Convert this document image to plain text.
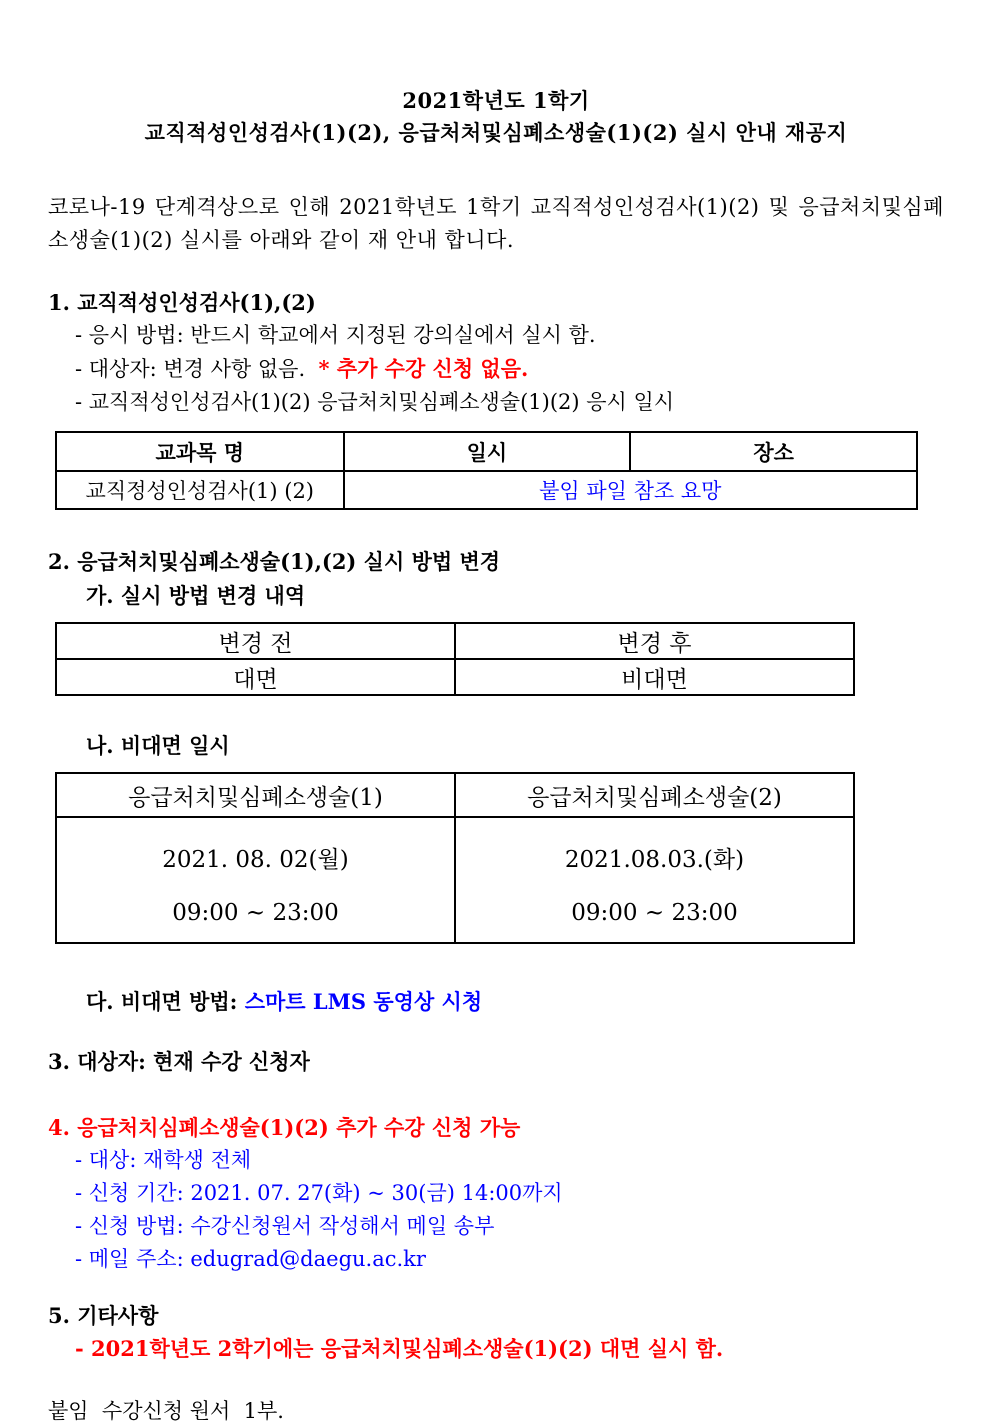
2021학년도 1학기
교직적성인성검사(1)(2), 응급처처및심폐소생술(1)(2) 실시 안내 재공지

코로나-19 단계격상으로 인해 2021학년도 1학기 교직적성인성검사(1)(2) 및 응급처치및심폐소생술(1)(2) 실시를 아래와 같이 재 안내 합니다.

1. 교직적성인성검사(1),(2)
- 응시 방법: 반드시 학교에서 지정된 강의실에서 실시 함.
- 대상자: 변경 사항 없음. * 추가 수강 신청 없음.
- 교직적성인성검사(1)(2) 응급처치및심폐소생술(1)(2) 응시 일시
교과목 명	일시	장소
교직정성인성검사(1) (2)	붙임 파일 참조 요망	
2. 응급처치및심폐소생술(1),(2) 실시 방법 변경
가. 실시 방법 변경 내역
변경 전	변경 후
대면	비대면
나. 비대면 일시
응급처치및심폐소생술(1)	응급처치및심폐소생술(2)

2021. 08. 02(월)
09:00 ~ 23:00

2021.08.03.(화)
09:00 ~ 23:00
다. 비대면 방법: 스마트 LMS 동영상 시청
3. 대상자: 현재 수강 신청자
4. 응급처치심폐소생술(1)(2) 추가 수강 신청 가능
- 대상: 재학생 전체
- 신청 기간: 2021. 07. 27(화) ~ 30(금) 14:00까지
- 신청 방법: 수강신청원서 작성해서 메일 송부
- 메일 주소: edugrad@daegu.ac.kr
5. 기타사항
- 2021학년도 2학기에는 응급처치및심폐소생술(1)(2) 대면 실시 함.
붙임  수강신청 원서  1부.
